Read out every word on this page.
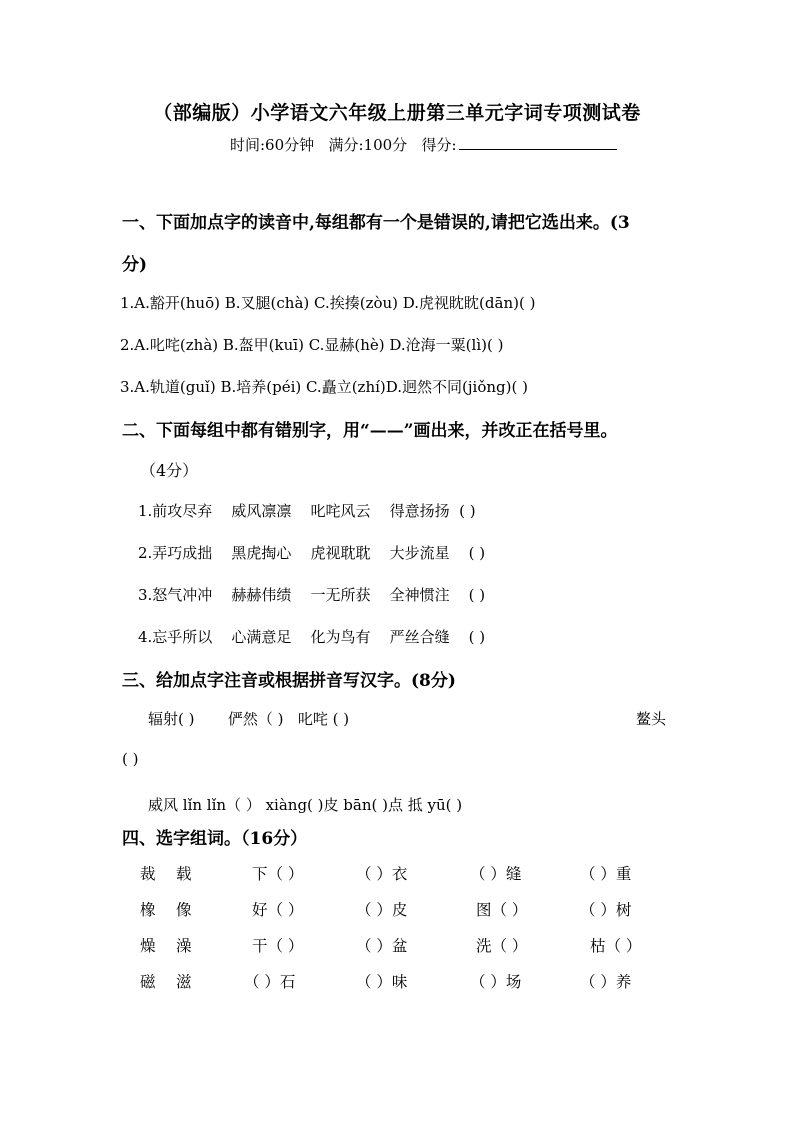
（部编版）小学语文六年级上册第三单元字词专项测试卷
时间:60分钟 满分:100分 得分:
一、下面加点字的读音中,每组都有一个是错误的,请把它选出来。(3
分)
1.A.豁开(huō) B.叉腿(chà) C.挨揍(zòu) D.虎视眈眈(dān)( )
2.A.叱咤(zhà) B.盔甲(kuī) C.显赫(hè) D.沧海一粟(lì)( )
3.A.轨道(guǐ) B.培养(péi) C.矗立(zhí)D.迥然不同(jiǒng)( )
二、下面每组中都有错别字，用“——”画出来，并改正在括号里。
（4分）
1.前攻尽弃 威风凛凛 叱咤风云 得意扬扬 ( )
2.弄巧成拙 黑虎掏心 虎视耽耽 大步流星 ( )
3.怒气冲冲 赫赫伟绩 一无所获 全神惯注 ( )
4.忘乎所以 心满意足 化为鸟有 严丝合缝 ( )
三、给加点字注音或根据拼音写汉字。(8分)
辐射( ) 俨然（ ) 叱咤 ( )	鳌头
( )
威风 lǐn lǐn（ ） xiàng( )皮 bān( )点 抵 yū( )
四、选字组词。（16分）
裁 载	下（ ）	（ ）衣	（ ）缝	（ ）重
橡 像	好（ ）	（ ）皮	图（ ）	（ ）树
燥 澡	干（ ）	（ ）盆	洗（ ）	枯（ ）
磁 滋	（ ）石	（ ）味	（ ）场	（ ）养
